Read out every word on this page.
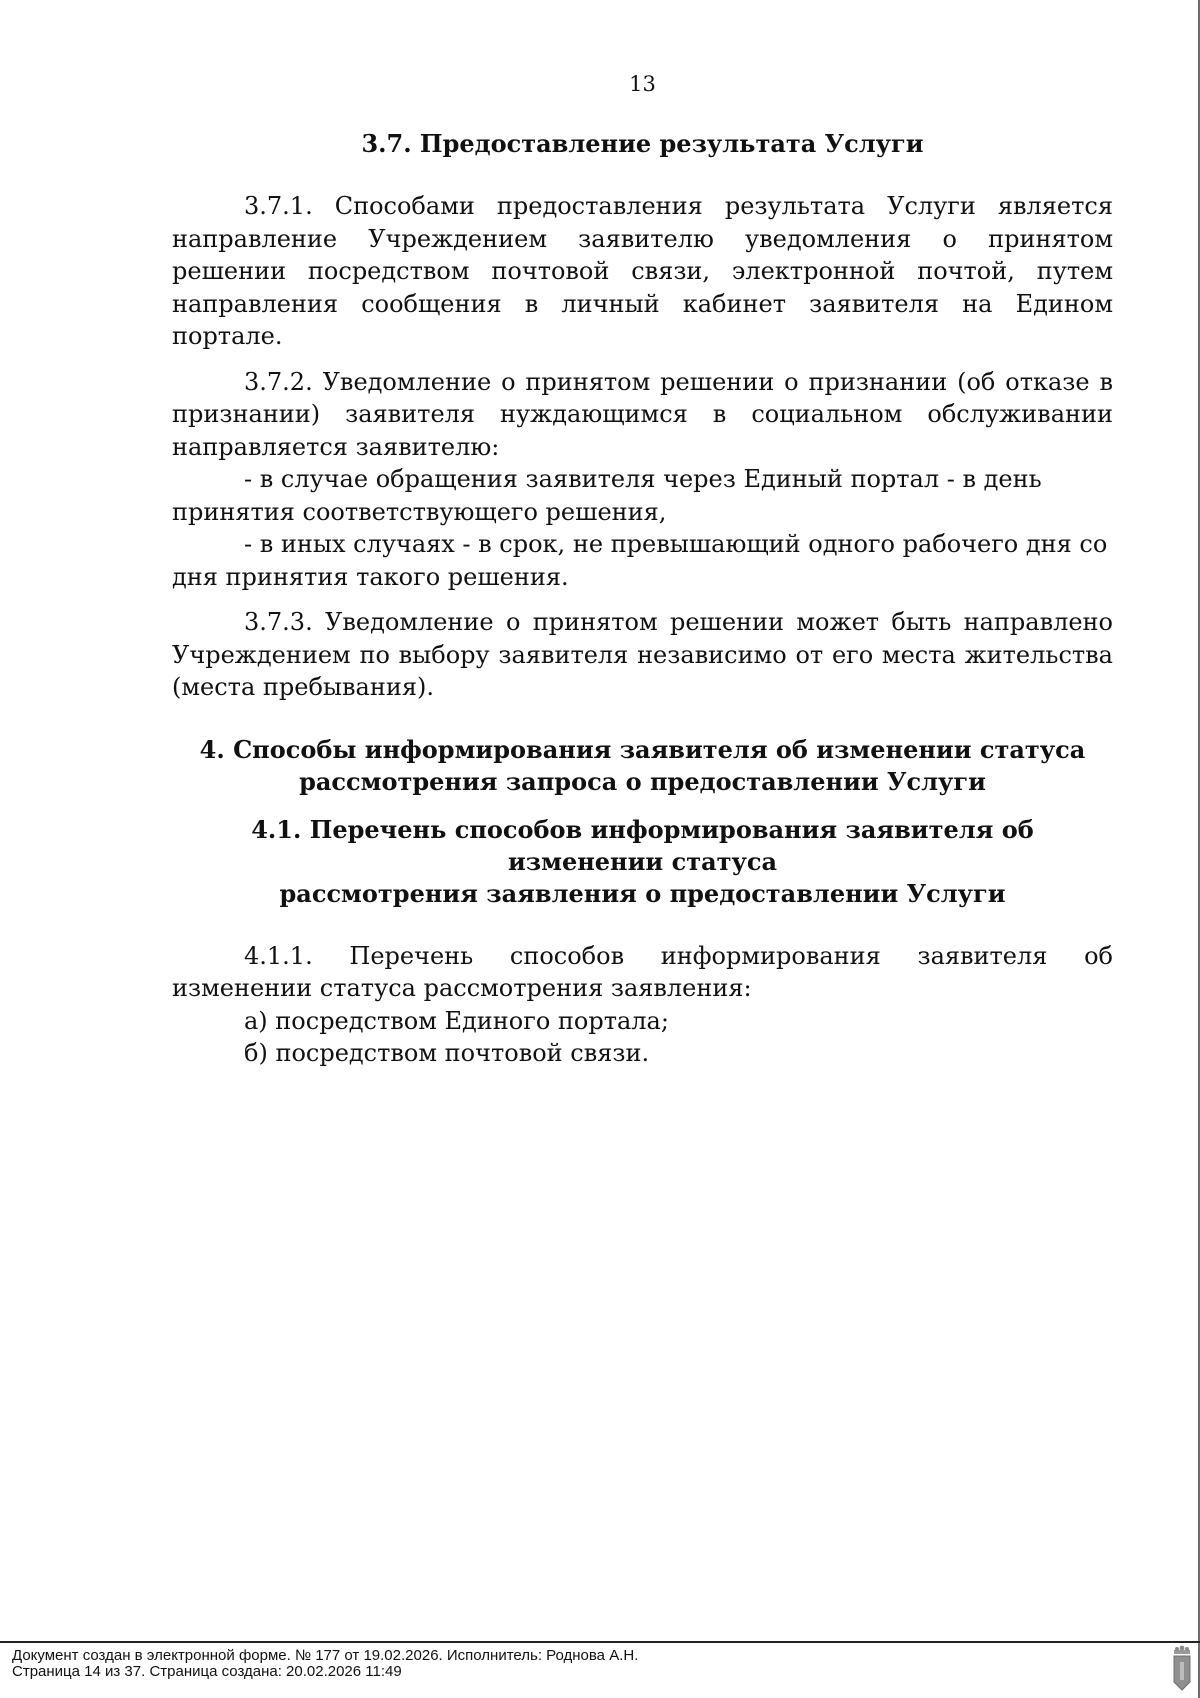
13
3.7. Предоставление результата Услуги

3.7.1. Способами предоставления результата Услуги является направление Учреждением заявителю уведомления о принятом решении посредством почтовой связи, электронной почтой, путем направления сообщения в личный кабинет заявителя на Едином портале.

3.7.2. Уведомление о принятом решении о признании (об отказе в признании) заявителя нуждающимся в социальном обслуживании направляется заявителю:

- в случае обращения заявителя через Единый портал - в день принятия соответствующего решения,

- в иных случаях - в срок, не превышающий одного рабочего дня со дня принятия такого решения.

3.7.3. Уведомление о принятом решении может быть направлено Учреждением по выбору заявителя независимо от его места жительства (места пребывания).

4. Способы информирования заявителя об изменении статуса
рассмотрения запроса о предоставлении Услуги
4.1. Перечень способов информирования заявителя об изменении статуса
рассмотрения заявления о предоставлении Услуги

4.1.1. Перечень способов информирования заявителя об изменении статуса рассмотрения заявления:

а) посредством Единого портала;

б) посредством почтовой связи.

Документ создан в электронной форме. № 177 от 19.02.2026. Исполнитель: Роднова А.Н.
Страница 14 из 37. Страница создана: 20.02.2026 11:49
